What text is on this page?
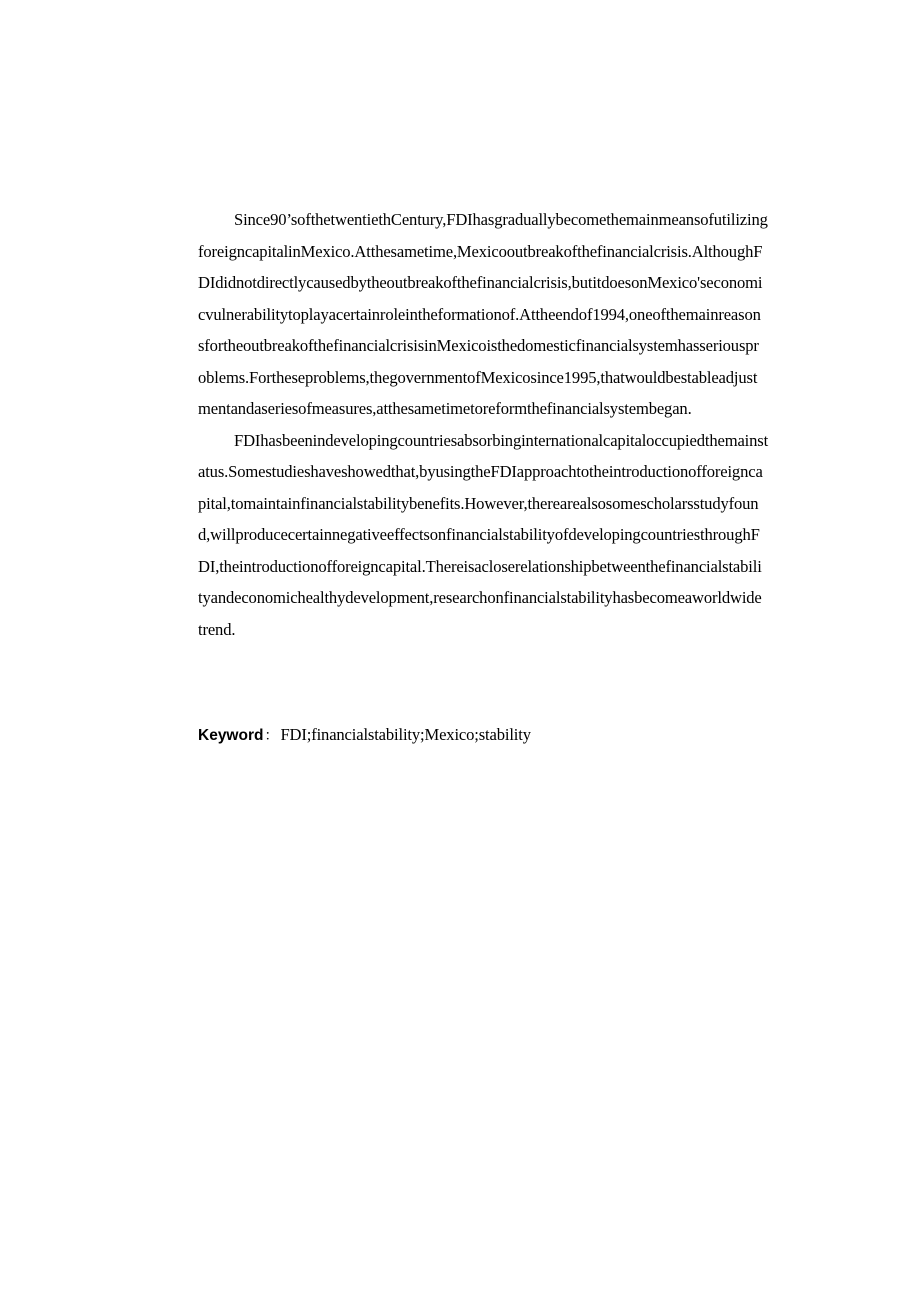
Since90’softhetwentiethCentury,FDIhasgraduallybecomethemainmeansofutilizing
foreigncapitalinMexico.Atthesametime,Mexicooutbreakofthefinancialcrisis.AlthoughF
DIdidnotdirectlycausedbytheoutbreakofthefinancialcrisis,butitdoesonMexico'seconomi
cvulnerabilitytoplayacertainroleintheformationof.Attheendof1994,oneofthemainreason
sfortheoutbreakofthefinancialcrisisinMexicoisthedomesticfinancialsystemhasseriouspr
oblems.Fortheseproblems,thegovernmentofMexicosince1995,thatwouldbestableadjust
mentandaseriesofmeasures,atthesametimetoreformthefinancialsystembegan.
FDIhasbeenindevelopingcountriesabsorbinginternationalcapitaloccupiedthemainst
atus.Somestudieshaveshowedthat,byusingtheFDIapproachtotheintroductionofforeignca
pital,tomaintainfinancialstabilitybenefits.However,therearealsosomescholarsstudyfoun
d,willproducecertainnegativeeffectsonfinancialstabilityofdevelopingcountriesthroughF
DI,theintroductionofforeigncapital.Thereisacloserelationshipbetweenthefinancialstabili
tyandeconomichealthydevelopment,researchonfinancialstabilityhasbecomeaworldwide
trend.
Keyword： FDI;financialstability;Mexico;stability
